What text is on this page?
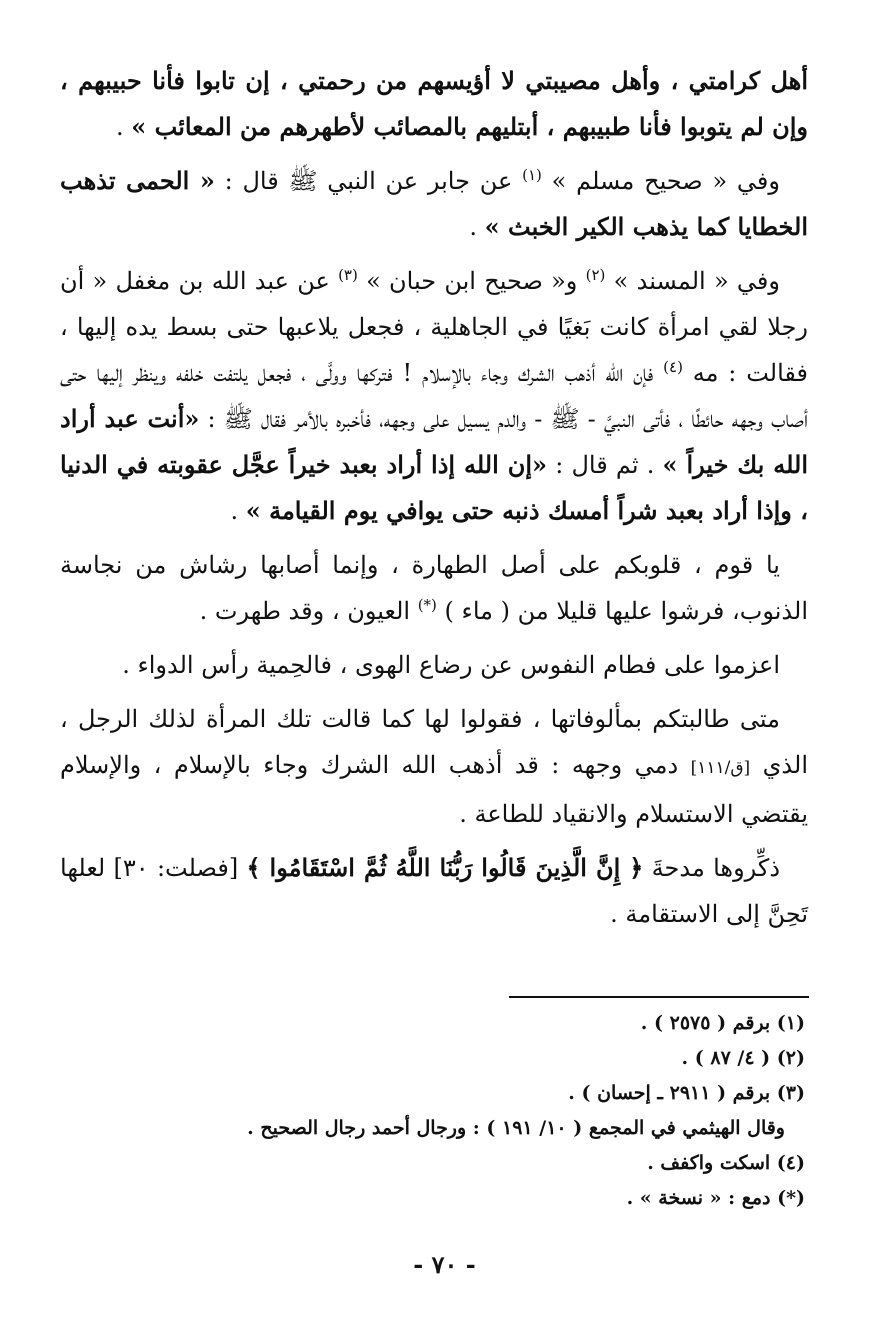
أهل كرامتي ، وأهل مصيبتي لا أؤيسهم من رحمتي ، إن تابوا فأنا حبيبهم ، وإن لم يتوبوا فأنا طبيبهم ، أبتليهم بالمصائب لأطهرهم من المعائب » .

وفي « صحيح مسلم » $^{(١)}$ عن جابر عن النبي ﷺ قال : « الحمى تذهب الخطايا كما يذهب الكير الخبث » .

وفي « المسند » $^{(٢)}$ و« صحيح ابن حبان » $^{(٣)}$ عن عبد الله بن مغفل « أن رجلا لقي امرأة كانت بَغيًا في الجاهلية ، فجعل يلاعبها حتى بسط يده إليها ، فقالت : مه $^{(٤)}$ فإن الله أذهب الشرك وجاء بالإسلام ! فتركها وولَّى ، فجعل يلتفت خلفه وينظر إليها حتى أصاب وجهه حائطًا ، فأتى النبيَّ - ﷺ - والدم يسيل على وجهه، فأخبره بالأمر فقال ﷺ : «أنت عبد أراد الله بك خيراً » . ثم قال : «إن الله إذا أراد بعبد خيراً عجَّل عقوبته في الدنيا ، وإذا أراد بعبد شراً أمسك ذنبه حتى يوافي يوم القيامة » .

يا قوم ، قلوبكم على أصل الطهارة ، وإنما أصابها رشاش من نجاسة الذنوب، فرشوا عليها قليلا من ( ماء ) (*) العيون ، وقد طهرت .

اعزموا على فطام النفوس عن رضاع الهوى ، فالحِمية رأس الدواء .

متى طالبتكم بمألوفاتها ، فقولوا لها كما قالت تلك المرأة لذلك الرجل ، الذي [ق/١١١] دمي وجهه : قد أذهب الله الشرك وجاء بالإسلام ، والإسلام يقتضي الاستسلام والانقياد للطاعة .

ذكِّروها مدحةَ ﴿ إِنَّ الَّذِينَ قَالُوا رَبُّنَا اللَّهُ ثُمَّ اسْتَقَامُوا ﴾ [فصلت: ٣٠] لعلها تَحِنَّ إلى الاستقامة .

(١) برقم ( ٢٥٧٥ ) .

(٢) ( ٤/ ٨٧ ) .

(٣) برقم ( ٢٩١١ ـ إحسان ) .

وقال الهيثمي في المجمع ( ١٠/ ١٩١ ) : ورجال أحمد رجال الصحيح .

(٤) اسكت واكفف .

(*) دمع : « نسخة » .

- ٧٠ -
